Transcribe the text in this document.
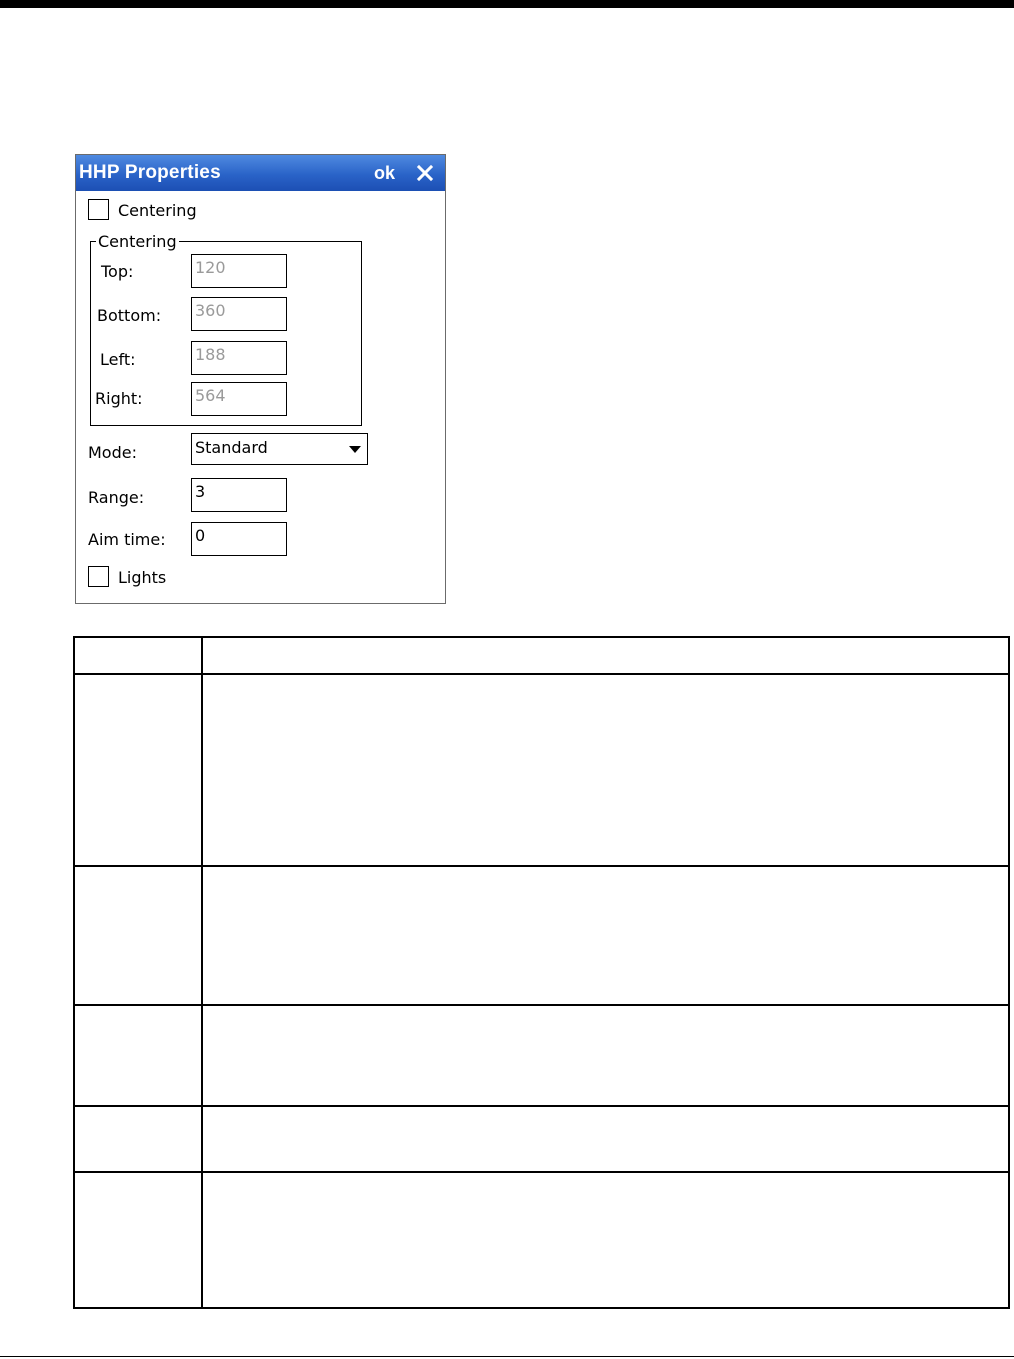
HHP Properties	ok
Centering
Centering
Top:	120
Bottom: 360
Left:	188
Right:	564
Mode:	Standard
Range:	3
Aim time: 0
Lights
